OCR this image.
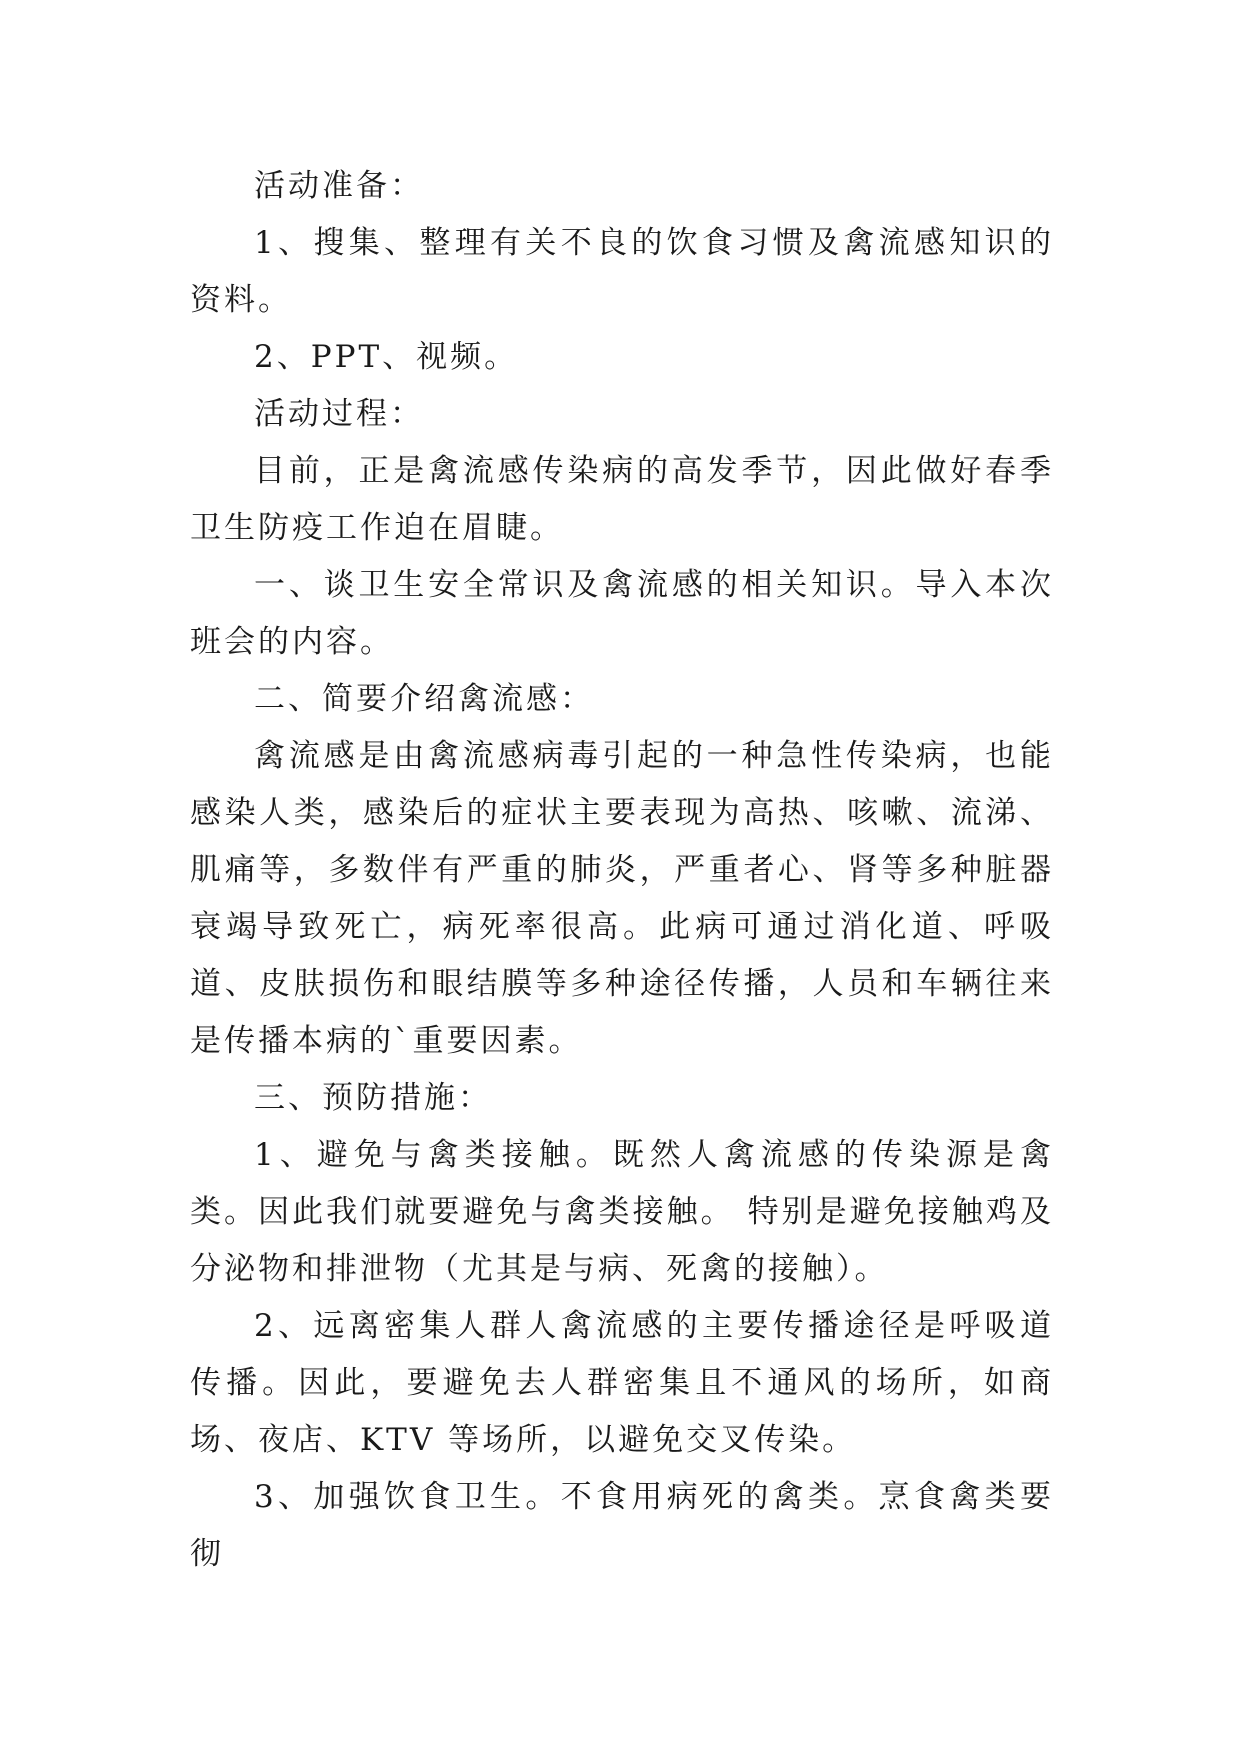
活动准备：

1、搜集、整理有关不良的饮食习惯及禽流感知识的资料。

2、PPT、视频。

活动过程：

目前，正是禽流感传染病的高发季节，因此做好春季卫生防疫工作迫在眉睫。

一、谈卫生安全常识及禽流感的相关知识。导入本次班会的内容。

二、简要介绍禽流感：

禽流感是由禽流感病毒引起的一种急性传染病，也能感染人类，感染后的症状主要表现为高热、咳嗽、流涕、肌痛等，多数伴有严重的肺炎，严重者心、肾等多种脏器衰竭导致死亡，病死率很高。此病可通过消化道、呼吸道、皮肤损伤和眼结膜等多种途径传播，人员和车辆往来是传播本病的`重要因素。

三、预防措施：

1、避免与禽类接触。既然人禽流感的传染源是禽类。因此我们就要避免与禽类接触。 特别是避免接触鸡及分泌物和排泄物（尤其是与病、死禽的接触）。

2、远离密集人群人禽流感的主要传播途径是呼吸道传播。因此，要避免去人群密集且不通风的场所，如商场、夜店、KTV 等场所，以避免交叉传染。

3、加强饮食卫生。不食用病死的禽类。烹食禽类要彻
